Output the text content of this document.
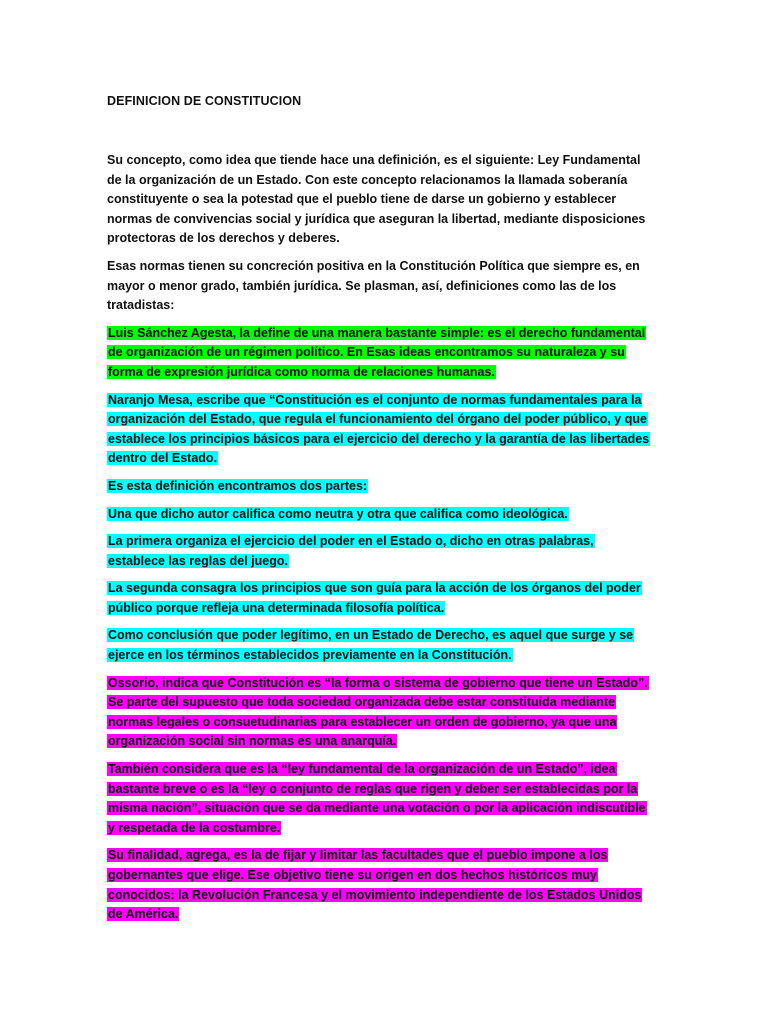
DEFINICION DE CONSTITUCION

Su concepto, como idea que tiende hace una definición, es el siguiente: Ley Fundamental de la organización de un Estado. Con este concepto relacionamos la llamada soberanía constituyente o sea la potestad que el pueblo tiene de darse un gobierno y establecer normas de convivencias social y jurídica que aseguran la libertad, mediante disposiciones protectoras de los derechos y deberes.

Esas normas tienen su concreción positiva en la Constitución Política que siempre es, en mayor o menor grado, también jurídica. Se plasman, así, definiciones como las de los tratadistas:

Luis Sánchez Agesta, la define de una manera bastante simple: es el derecho fundamental de organización de un régimen político. En Esas ideas encontramos su naturaleza y su forma de expresión jurídica como norma de relaciones humanas.

Naranjo Mesa, escribe que “Constitución es el conjunto de normas fundamentales para la organización del Estado, que regula el funcionamiento del órgano del poder público, y que establece los principios básicos para el ejercicio del derecho y la garantía de las libertades dentro del Estado.

Es esta definición encontramos dos partes:

Una que dicho autor califica como neutra y otra que califica como ideológica.

La primera organiza el ejercicio del poder en el Estado o, dicho en otras palabras, establece las reglas del juego.

La segunda consagra los principios que son guía para la acción de los órganos del poder público porque refleja una determinada filosofía política.

Como conclusión que poder legítimo, en un Estado de Derecho, es aquel que surge y se ejerce en los términos establecidos previamente en la Constitución.

Ossorio, indica que Constitución es “la forma o sistema de gobierno que tiene un Estado”. Se parte del supuesto que toda sociedad organizada debe estar constituida mediante normas legales o consuetudinarias para establecer un orden de gobierno, ya que una organización social sin normas es una anarquía.

También considera que es la “ley fundamental de la organización de un Estado”, idea bastante breve o es la “ley o conjunto de reglas que rigen y deber ser establecidas por la misma nación”, situación que se da mediante una votación o por la aplicación indiscutible y respetada de la costumbre.

Su finalidad, agrega, es la de fijar y limitar las facultades que el pueblo impone a los gobernantes que elige. Ese objetivo tiene su origen en dos hechos históricos muy conocidos: la Revolución Francesa y el movimiento independiente de los Estados Unidos de América.
